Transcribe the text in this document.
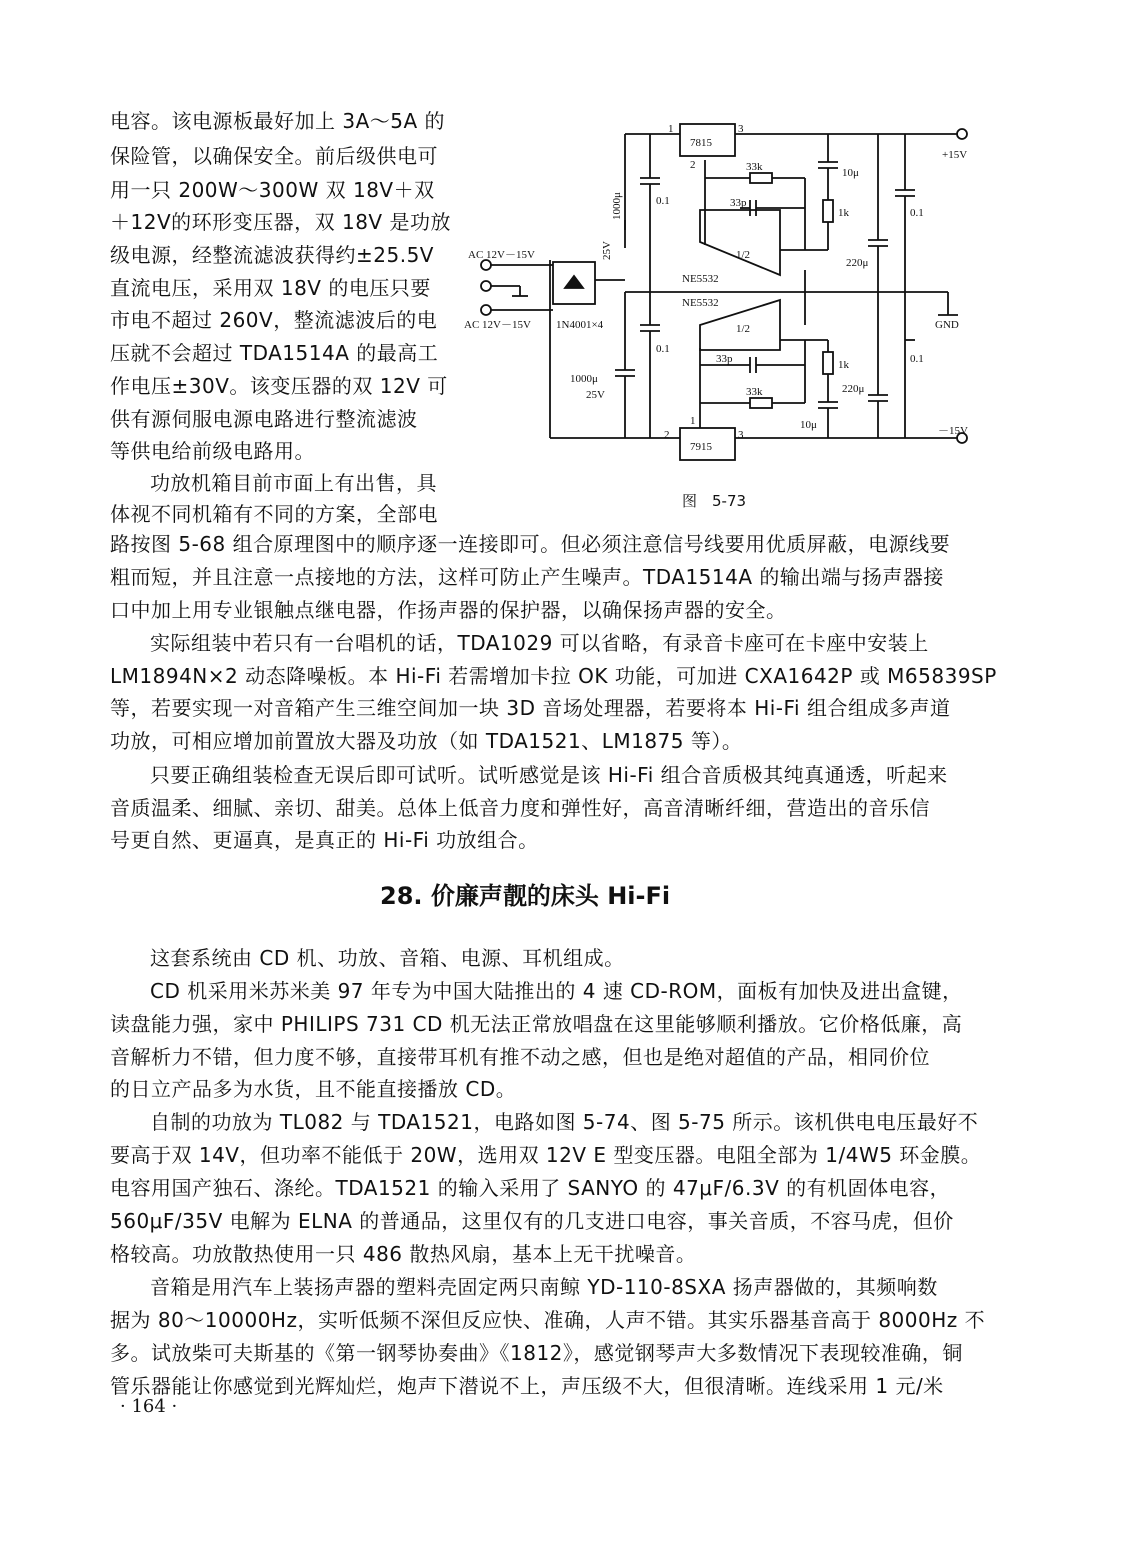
电容。该电源板最好加上 3A～5A 的
保险管，以确保安全。前后级供电可
用一只 200W～300W 双 18V＋双
＋12V的环形变压器，双 18V 是功放
级电源，经整流滤波获得约±25.5V
直流电压，采用双 18V 的电压只要
市电不超过 260V，整流滤波后的电
压就不会超过 TDA1514A 的最高工
作电压±30V。该变压器的双 12V 可
供有源伺服电源电路进行整流滤波
等供电给前级电路用。
功放机箱目前市面上有出售，具
体视不同机箱有不同的方案，全部电
7815
7915
1
2
3
1
2	3
+15V
－15V
GND
AC 12V－15V
AC 12V－15V 1N4001×4
1000μ
25V
1000μ
25V
0.1
0.1
0.1
0.1
33k
33k
33p
33p
10μ
10μ
1k
1k
220μ
220μ
NE5532
NE5532
1/2
1/2
图　5-73
路按图 5-68 组合原理图中的顺序逐一连接即可。但必须注意信号线要用优质屏蔽，电源线要
粗而短，并且注意一点接地的方法，这样可防止产生噪声。TDA1514A 的输出端与扬声器接
口中加上用专业银触点继电器，作扬声器的保护器，以确保扬声器的安全。
实际组装中若只有一台唱机的话，TDA1029 可以省略，有录音卡座可在卡座中安装上
LM1894N×2 动态降噪板。本 Hi-Fi 若需增加卡拉 OK 功能，可加进 CXA1642P 或 M65839SP
等，若要实现一对音箱产生三维空间加一块 3D 音场处理器，若要将本 Hi-Fi 组合组成多声道
功放，可相应增加前置放大器及功放（如 TDA1521、LM1875 等）。
只要正确组装检查无误后即可试听。试听感觉是该 Hi-Fi 组合音质极其纯真通透，听起来
音质温柔、细腻、亲切、甜美。总体上低音力度和弹性好，高音清晰纤细，营造出的音乐信
号更自然、更逼真，是真正的 Hi-Fi 功放组合。
28. 价廉声靓的床头 Hi-Fi
这套系统由 CD 机、功放、音箱、电源、耳机组成。
CD 机采用米苏米美 97 年专为中国大陆推出的 4 速 CD-ROM，面板有加快及进出盒键，
读盘能力强，家中 PHILIPS 731 CD 机无法正常放唱盘在这里能够顺利播放。它价格低廉，高
音解析力不错，但力度不够，直接带耳机有推不动之感，但也是绝对超值的产品，相同价位
的日立产品多为水货，且不能直接播放 CD。
自制的功放为 TL082 与 TDA1521，电路如图 5-74、图 5-75 所示。该机供电电压最好不
要高于双 14V，但功率不能低于 20W，选用双 12V E 型变压器。电阻全部为 1/4W5 环金膜。
电容用国产独石、涤纶。TDA1521 的输入采用了 SANYO 的 47μF/6.3V 的有机固体电容，
560μF/35V 电解为 ELNA 的普通品，这里仅有的几支进口电容，事关音质，不容马虎，但价
格较高。功放散热使用一只 486 散热风扇，基本上无干扰噪音。
音箱是用汽车上装扬声器的塑料壳固定两只南鲸 YD-110-8SXA 扬声器做的，其频响数
据为 80～10000Hz，实听低频不深但反应快、准确，人声不错。其实乐器基音高于 8000Hz 不
多。试放柴可夫斯基的《第一钢琴协奏曲》《1812》，感觉钢琴声大多数情况下表现较准确，铜
管乐器能让你感觉到光辉灿烂，炮声下潜说不上，声压级不大，但很清晰。连线采用 1 元/米
· 164 ·
